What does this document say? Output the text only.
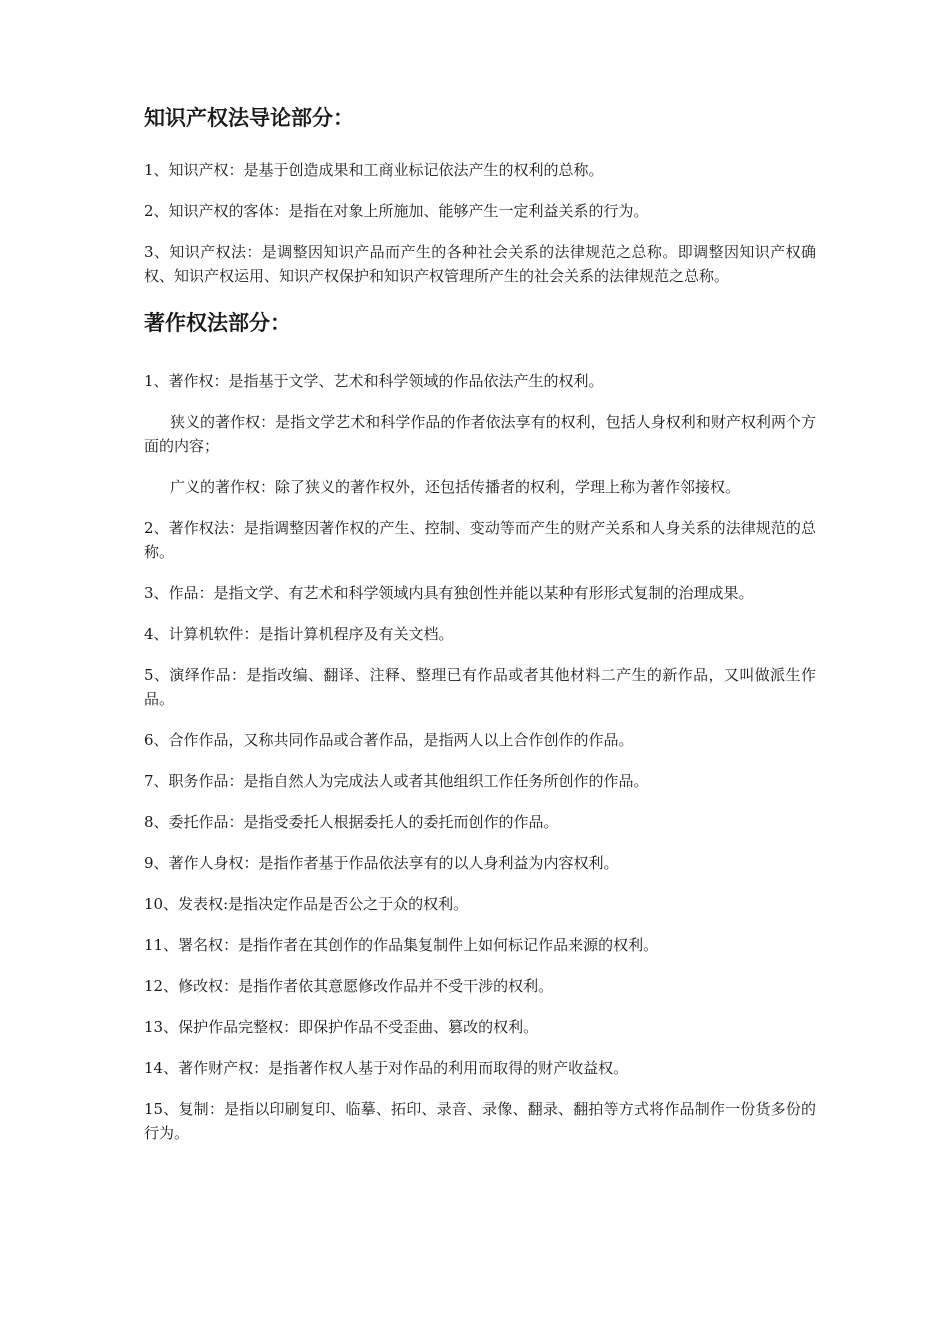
知识产权法导论部分：

1、知识产权：是基于创造成果和工商业标记依法产生的权利的总称。

2、知识产权的客体：是指在对象上所施加、能够产生一定利益关系的行为。

3、知识产权法：是调整因知识产品而产生的各种社会关系的法律规范之总称。即调整因知识产权确权、知识产权运用、知识产权保护和知识产权管理所产生的社会关系的法律规范之总称。

著作权法部分：

1、著作权：是指基于文学、艺术和科学领域的作品依法产生的权利。

狭义的著作权：是指文学艺术和科学作品的作者依法享有的权利，包括人身权利和财产权利两个方面的内容；

广义的著作权：除了狭义的著作权外，还包括传播者的权利，学理上称为著作邻接权。

2、著作权法：是指调整因著作权的产生、控制、变动等而产生的财产关系和人身关系的法律规范的总称。

3、作品：是指文学、有艺术和科学领域内具有独创性并能以某种有形形式复制的治理成果。

4、计算机软件：是指计算机程序及有关文档。

5、演绎作品：是指改编、翻译、注释、整理已有作品或者其他材料二产生的新作品，又叫做派生作品。

6、合作作品，又称共同作品或合著作品，是指两人以上合作创作的作品。

7、职务作品：是指自然人为完成法人或者其他组织工作任务所创作的作品。

8、委托作品：是指受委托人根据委托人的委托而创作的作品。

9、著作人身权：是指作者基于作品依法享有的以人身利益为内容权利。

10、发表权:是指决定作品是否公之于众的权利。

11、署名权：是指作者在其创作的作品集复制件上如何标记作品来源的权利。

12、修改权：是指作者依其意愿修改作品并不受干涉的权利。

13、保护作品完整权：即保护作品不受歪曲、篡改的权利。

14、著作财产权：是指著作权人基于对作品的利用而取得的财产收益权。

15、复制：是指以印刷复印、临摹、拓印、录音、录像、翻录、翻拍等方式将作品制作一份货多份的行为。
